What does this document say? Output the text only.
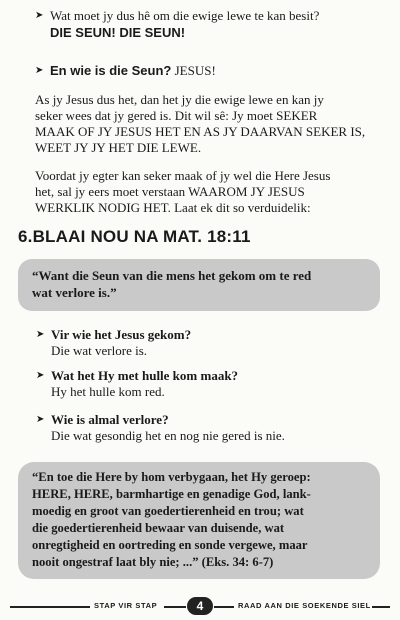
➤ Wat moet jy dus hê om die ewige lewe te kan besit?
DIE SEUN! DIE SEUN!
➤ En wie is die Seun? JESUS!
As jy Jesus dus het, dan het jy die ewige lewe en kan jy
seker wees dat jy gered is. Dit wil sê: Jy moet SEKER
MAAK OF JY JESUS HET EN AS JY DAARVAN SEKER IS,
WEET JY JY HET DIE LEWE.
Voordat jy egter kan seker maak of jy wel die Here Jesus
het, sal jy eers moet verstaan WAAROM JY JESUS
WERKLIK NODIG HET. Laat ek dit so verduidelik:
6.BLAAI NOU NA MAT. 18:11
“Want die Seun van die mens het gekom om te red
wat verlore is.”
➤ Vir wie het Jesus gekom?
Die wat verlore is.
➤ Wat het Hy met hulle kom maak?
Hy het hulle kom red.
➤ Wie is almal verlore?
Die wat gesondig het en nog nie gered is nie.
“En toe die Here by hom verbygaan, het Hy geroep:
HERE, HERE, barmhartige en genadige God, lank-
moedig en groot van goedertierenheid en trou; wat
die goedertierenheid bewaar van duisende, wat
onregtigheid en oortreding en sonde vergewe, maar
nooit ongestraf laat bly nie; ...” (Eks. 34: 6-7)
STAP VIR STAP	4	RAAD AAN DIE SOEKENDE SIEL
